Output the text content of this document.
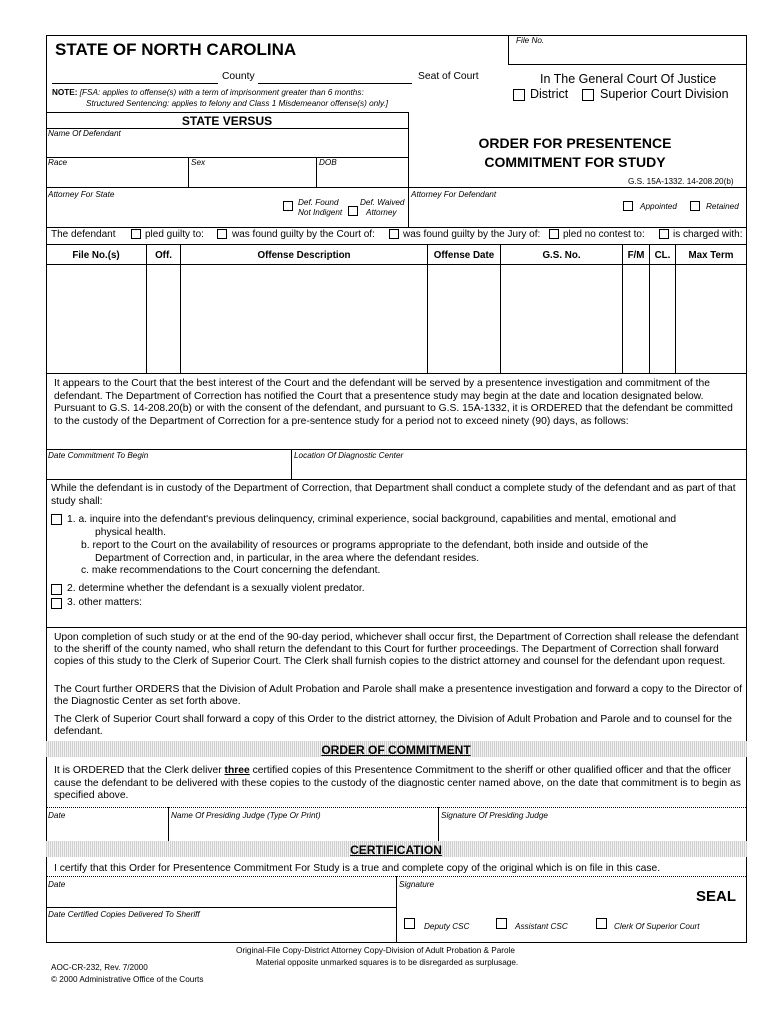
STATE OF NORTH CAROLINA	File No.
County	Seat of Court	In The General Court Of Justice
District	Superior Court Division
NOTE: [FSA: applies to offense(s) with a term of imprisonment greater than 6 months:
Structured Sentencing: applies to felony and Class 1 Misdemeanor offense(s) only.]
STATE VERSUS
Name Of Defendant
Race	Sex	DOB
ORDER FOR PRESENTENCE
COMMITMENT FOR STUDY
G.S. 15A-1332. 14-208.20(b)
Attorney For State
Def. Found
Not Indigent
Def. Waived
Attorney
Attorney For Defendant
Appointed	Retained
The defendant	pled guilty to:	was found guilty by the Court of:	was found guilty by the Jury of: pled no contest to:	is charged with:
File No.(s)	Off.	Offense Description	Offense Date	G.S. No.	F/M	CL.	Max Term
It appears to the Court that the best interest of the Court and the defendant will be served by a presentence investigation and commitment of the defendant. The Department of Correction has notified the Court that a presentence study may begin at the date and location designated below. Pursuant to G.S. 14-208.20(b) or with the consent of the defendant, and pursuant to G.S. 15A-1332, it is ORDERED that the defendant be committed to the custody of the Department of Correction for a pre-sentence study for a period not to exceed ninety (90) days, as follows:
Date Commitment To Begin	Location Of Diagnostic Center
While the defendant is in custody of the Department of Correction, that Department shall conduct a complete study of the defendant and as part of that study shall:
1. a. inquire into the defendant's previous delinquency, criminal experience, social background, capabilities and mental, emotional and
physical health.
b. report to the Court on the availability of resources or programs appropriate to the defendant, both inside and outside of the
Department of Correction and, in particular, in the area where the defendant resides.
c. make recommendations to the Court concerning the defendant.
2. determine whether the defendant is a sexually violent predator.
3. other matters:
Upon completion of such study or at the end of the 90-day period, whichever shall occur first, the Department of Correction shall release the defendant to the sheriff of the county named, who shall return the defendant to this Court for further proceedings. The Department of Correction shall forward copies of this study to the Clerk of Superior Court. The Clerk shall furnish copies to the district attorney and counsel for the defendant upon request.
The Court further ORDERS that the Division of Adult Probation and Parole shall make a presentence investigation and forward a copy to the Director of the Diagnostic Center as set forth above.
The Clerk of Superior Court shall forward a copy of this Order to the district attorney, the Division of Adult Probation and Parole and to counsel for the defendant.
ORDER OF COMMITMENT
It is ORDERED that the Clerk deliver three certified copies of this Presentence Commitment to the sheriff or other qualified officer and that the officer cause the defendant to be delivered with these copies to the custody of the diagnostic center named above, on the date that commitment is to begin as specified above.
Date	Name Of Presiding Judge (Type Or Print)	Signature Of Presiding Judge
CERTIFICATION
I certify that this Order for Presentence Commitment For Study is a true and complete copy of the original which is on file in this case.
Date	Signature
SEAL
Date Certified Copies Delivered To Sheriff
Deputy CSC	Assistant CSC	Clerk Of Superior Court
Original-File Copy-District Attorney Copy-Division of Adult Probation & Parole
Material opposite unmarked squares is to be disregarded as surplusage.
AOC-CR-232, Rev. 7/2000
© 2000 Administrative Office of the Courts
